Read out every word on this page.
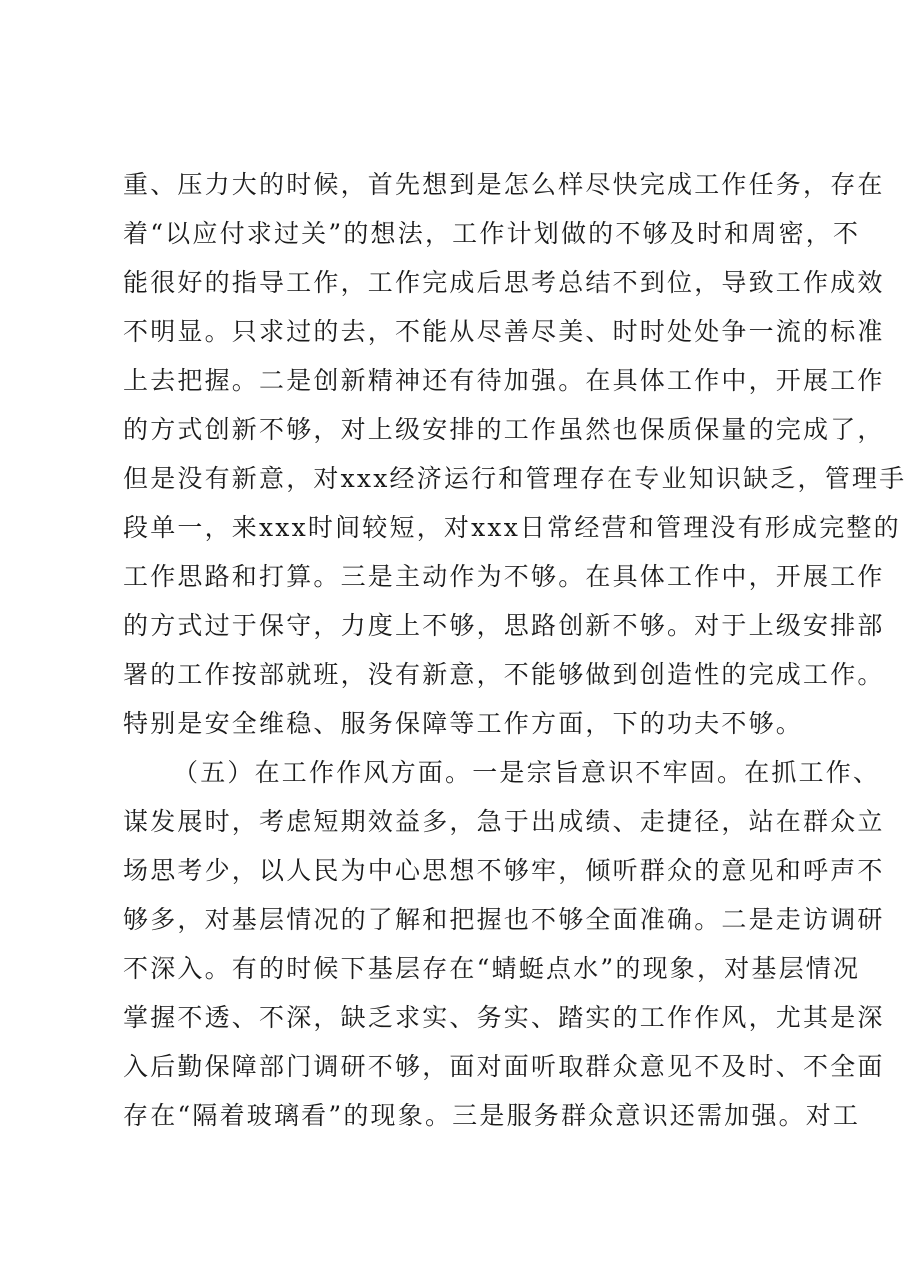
重、压力大的时候，首先想到是怎么样尽快完成工作任务，存在
着“以应付求过关”的想法，工作计划做的不够及时和周密，不
能很好的指导工作，工作完成后思考总结不到位，导致工作成效
不明显。只求过的去，不能从尽善尽美、时时处处争一流的标准
上去把握。二是创新精神还有待加强。在具体工作中，开展工作
的方式创新不够，对上级安排的工作虽然也保质保量的完成了，
但是没有新意，对xxx经济运行和管理存在专业知识缺乏，管理手
段单一，来xxx时间较短，对xxx日常经营和管理没有形成完整的
工作思路和打算。三是主动作为不够。在具体工作中，开展工作
的方式过于保守，力度上不够，思路创新不够。对于上级安排部
署的工作按部就班，没有新意，不能够做到创造性的完成工作。
特别是安全维稳、服务保障等工作方面，下的功夫不够。
（五）在工作作风方面。一是宗旨意识不牢固。在抓工作、
谋发展时，考虑短期效益多，急于出成绩、走捷径，站在群众立
场思考少，以人民为中心思想不够牢，倾听群众的意见和呼声不
够多，对基层情况的了解和把握也不够全面准确。二是走访调研
不深入。有的时候下基层存在“蜻蜓点水”的现象，对基层情况
掌握不透、不深，缺乏求实、务实、踏实的工作作风，尤其是深
入后勤保障部门调研不够，面对面听取群众意见不及时、不全面
存在“隔着玻璃看”的现象。三是服务群众意识还需加强。对工
